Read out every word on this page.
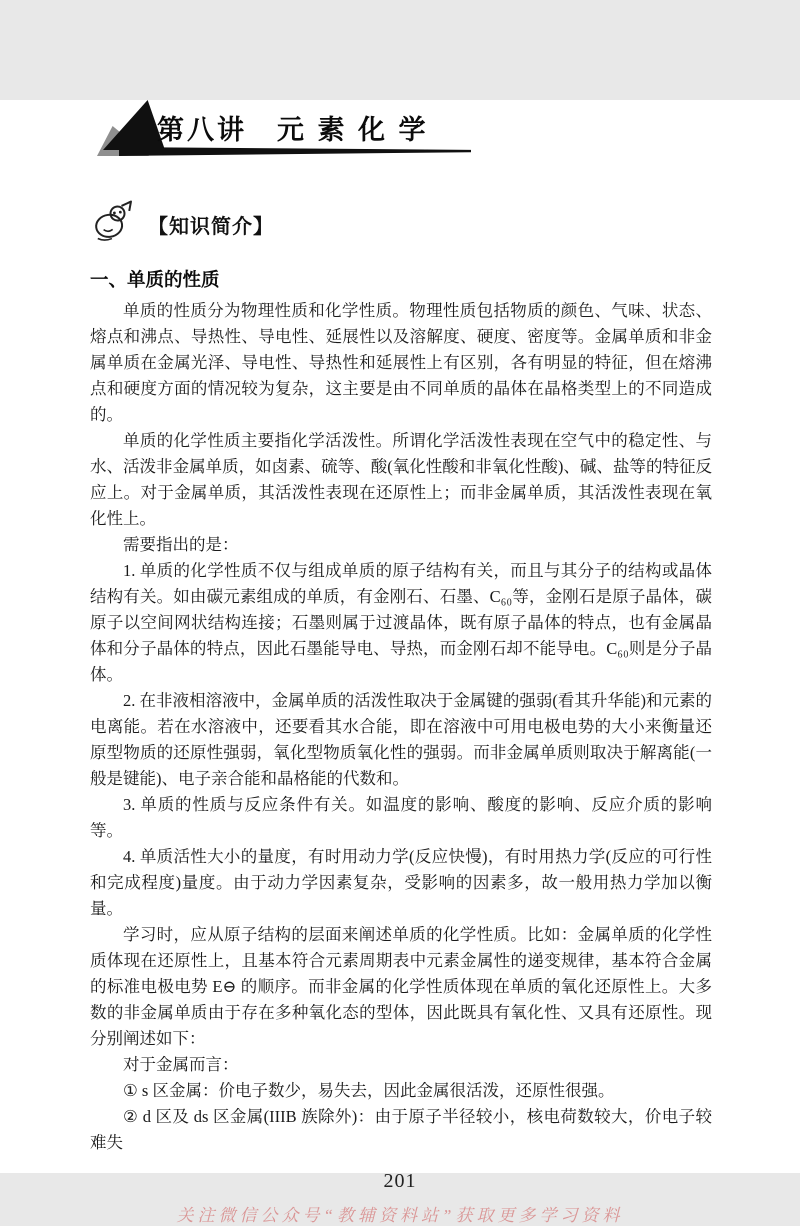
第八讲　元 素 化 学
【知识简介】
一、单质的性质

单质的性质分为物理性质和化学性质。物理性质包括物质的颜色、气味、状态、熔点和沸点、导热性、导电性、延展性以及溶解度、硬度、密度等。金属单质和非金属单质在金属光泽、导电性、导热性和延展性上有区别，各有明显的特征，但在熔沸点和硬度方面的情况较为复杂，这主要是由不同单质的晶体在晶格类型上的不同造成的。

单质的化学性质主要指化学活泼性。所谓化学活泼性表现在空气中的稳定性、与水、活泼非金属单质，如卤素、硫等、酸(氧化性酸和非氧化性酸)、碱、盐等的特征反应上。对于金属单质，其活泼性表现在还原性上；而非金属单质，其活泼性表现在氧化性上。

需要指出的是：

1. 单质的化学性质不仅与组成单质的原子结构有关，而且与其分子的结构或晶体结构有关。如由碳元素组成的单质，有金刚石、石墨、C₆₀等，金刚石是原子晶体，碳原子以空间网状结构连接；石墨则属于过渡晶体，既有原子晶体的特点，也有金属晶体和分子晶体的特点，因此石墨能导电、导热，而金刚石却不能导电。C₆₀则是分子晶体。

2. 在非液相溶液中，金属单质的活泼性取决于金属键的强弱(看其升华能)和元素的电离能。若在水溶液中，还要看其水合能，即在溶液中可用电极电势的大小来衡量还原型物质的还原性强弱，氧化型物质氧化性的强弱。而非金属单质则取决于解离能(一般是键能)、电子亲合能和晶格能的代数和。

3. 单质的性质与反应条件有关。如温度的影响、酸度的影响、反应介质的影响等。

4. 单质活性大小的量度，有时用动力学(反应快慢)，有时用热力学(反应的可行性和完成程度)量度。由于动力学因素复杂，受影响的因素多，故一般用热力学加以衡量。

学习时，应从原子结构的层面来阐述单质的化学性质。比如：金属单质的化学性质体现在还原性上，且基本符合元素周期表中元素金属性的递变规律，基本符合金属的标准电极电势 E⊖ 的顺序。而非金属的化学性质体现在单质的氧化还原性上。大多数的非金属单质由于存在多种氧化态的型体，因此既具有氧化性、又具有还原性。现分别阐述如下：

对于金属而言：

① s 区金属：价电子数少，易失去，因此金属很活泼，还原性很强。

② d 区及 ds 区金属(IIIB 族除外)：由于原子半径较小，核电荷数较大，价电子较难失

201
关注微信公众号“教辅资料站”获取更多学习资料
